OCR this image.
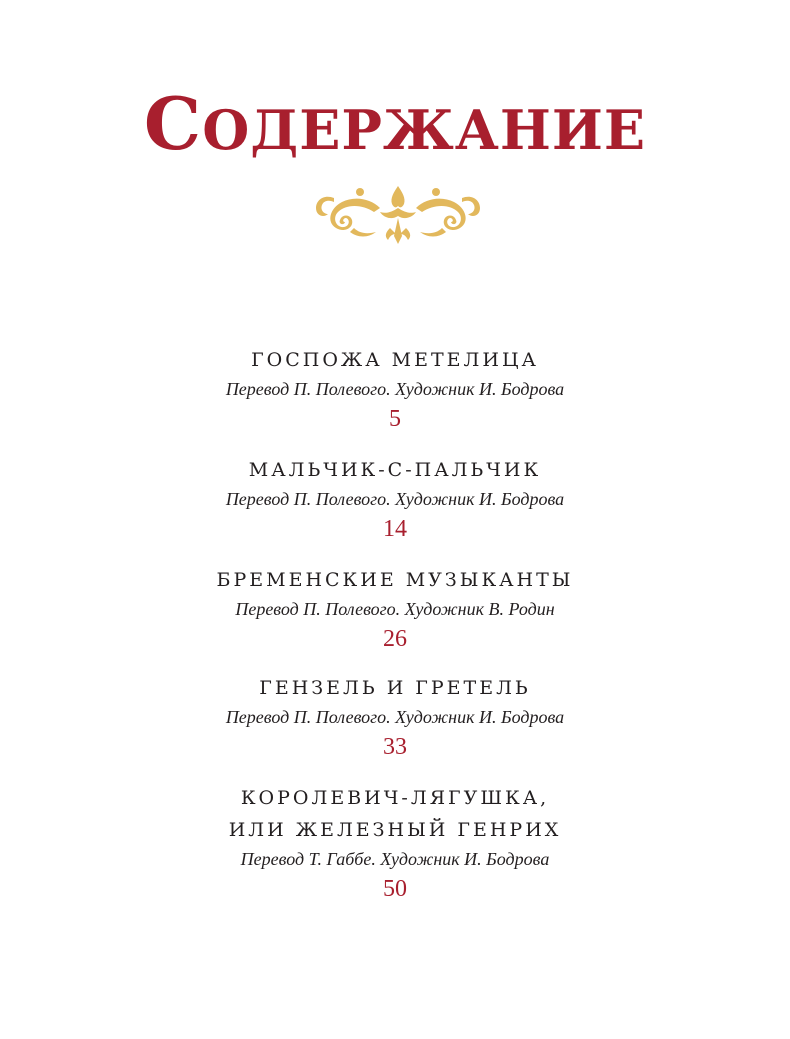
СОДЕРЖАНИЕ
ГОСПОЖА МЕТЕЛИЦА
Перевод П. Полевого. Художник И. Бодрова
5
МАЛЬЧИК-С-ПАЛЬЧИК
Перевод П. Полевого. Художник И. Бодрова
14
БРЕМЕНСКИЕ МУЗЫКАНТЫ
Перевод П. Полевого. Художник В. Родин
26
ГЕНЗЕЛЬ И ГРЕТЕЛЬ
Перевод П. Полевого. Художник И. Бодрова
33
КОРОЛЕВИЧ-ЛЯГУШКА,
ИЛИ ЖЕЛЕЗНЫЙ ГЕНРИХ
Перевод Т. Габбе. Художник И. Бодрова
50
